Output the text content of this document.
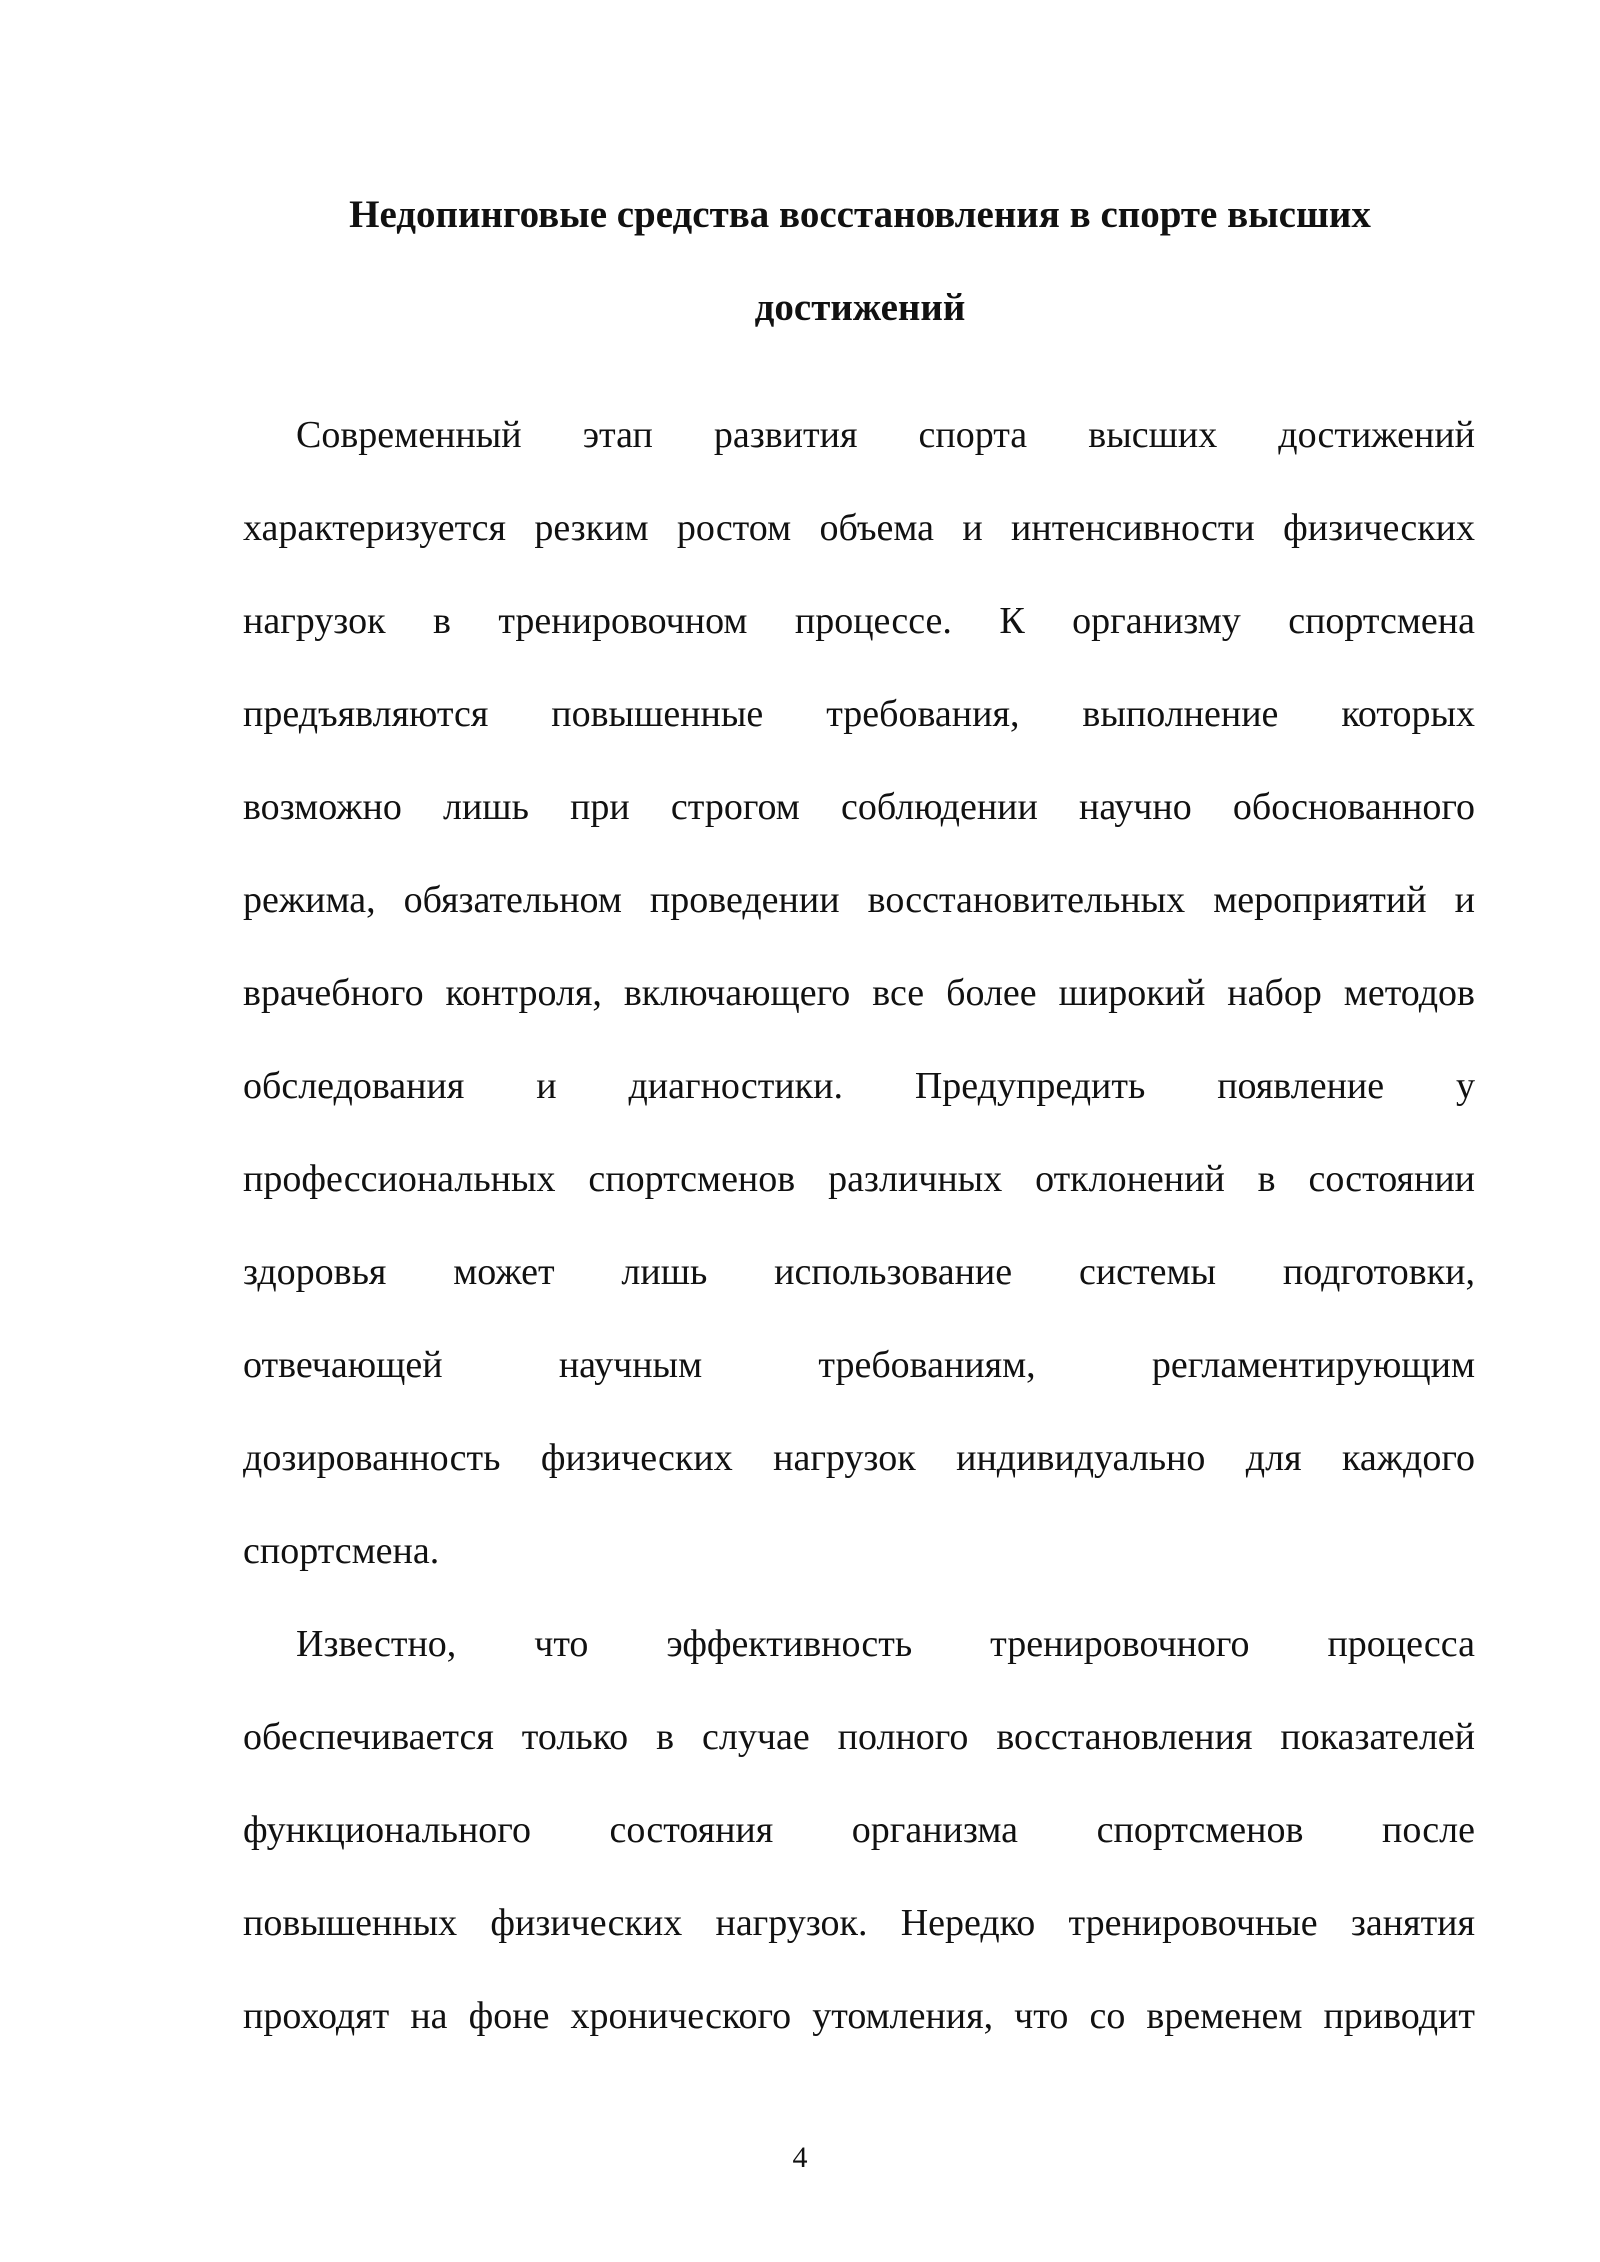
Недопинговые средства восстановления в спорте высших
достижений
Современный этап развития спорта высших достижений
характеризуется резким ростом объема и интенсивности физических
нагрузок в тренировочном процессе. К организму спортсмена
предъявляются повышенные требования, выполнение которых
возможно лишь при строгом соблюдении научно обоснованного
режима, обязательном проведении восстановительных мероприятий и
врачебного контроля, включающего все более широкий набор методов
обследования и диагностики. Предупредить появление у
профессиональных спортсменов различных отклонений в состоянии
здоровья может лишь использование системы подготовки,
отвечающей научным требованиям, регламентирующим
дозированность физических нагрузок индивидуально для каждого
спортсмена.
Известно, что эффективность тренировочного процесса
обеспечивается только в случае полного восстановления показателей
функционального состояния организма спортсменов после
повышенных физических нагрузок. Нередко тренировочные занятия
проходят на фоне хронического утомления, что со временем приводит
4
